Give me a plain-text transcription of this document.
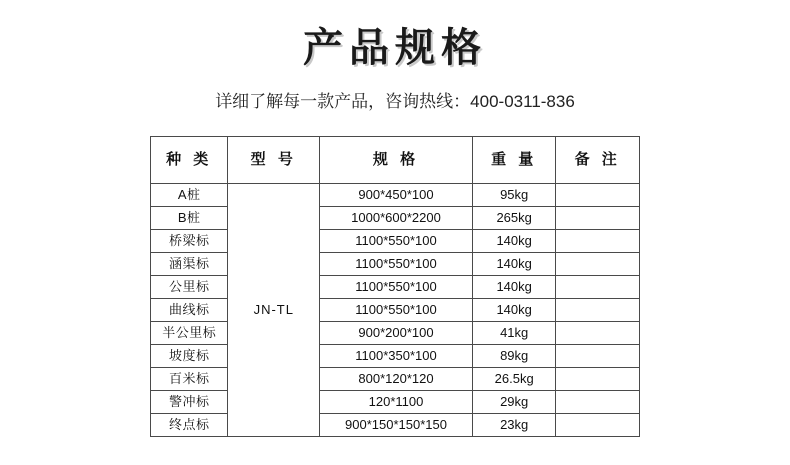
产品规格

详细了解每一款产品，咨询热线：400-0311-836

种 类	型 号	规 格	重 量	备 注
A桩	JN-TL	900*450*100	95kg	
B桩		1000*600*2200	265kg	
桥梁标		1100*550*100	140kg	
涵渠标		1100*550*100	140kg	
公里标		1100*550*100	140kg	
曲线标		1100*550*100	140kg	
半公里标		900*200*100	41kg	
坡度标		1100*350*100	89kg	
百米标		800*120*120	26.5kg	
警冲标		120*1100	29kg	
终点标		900*150*150*150	23kg	
